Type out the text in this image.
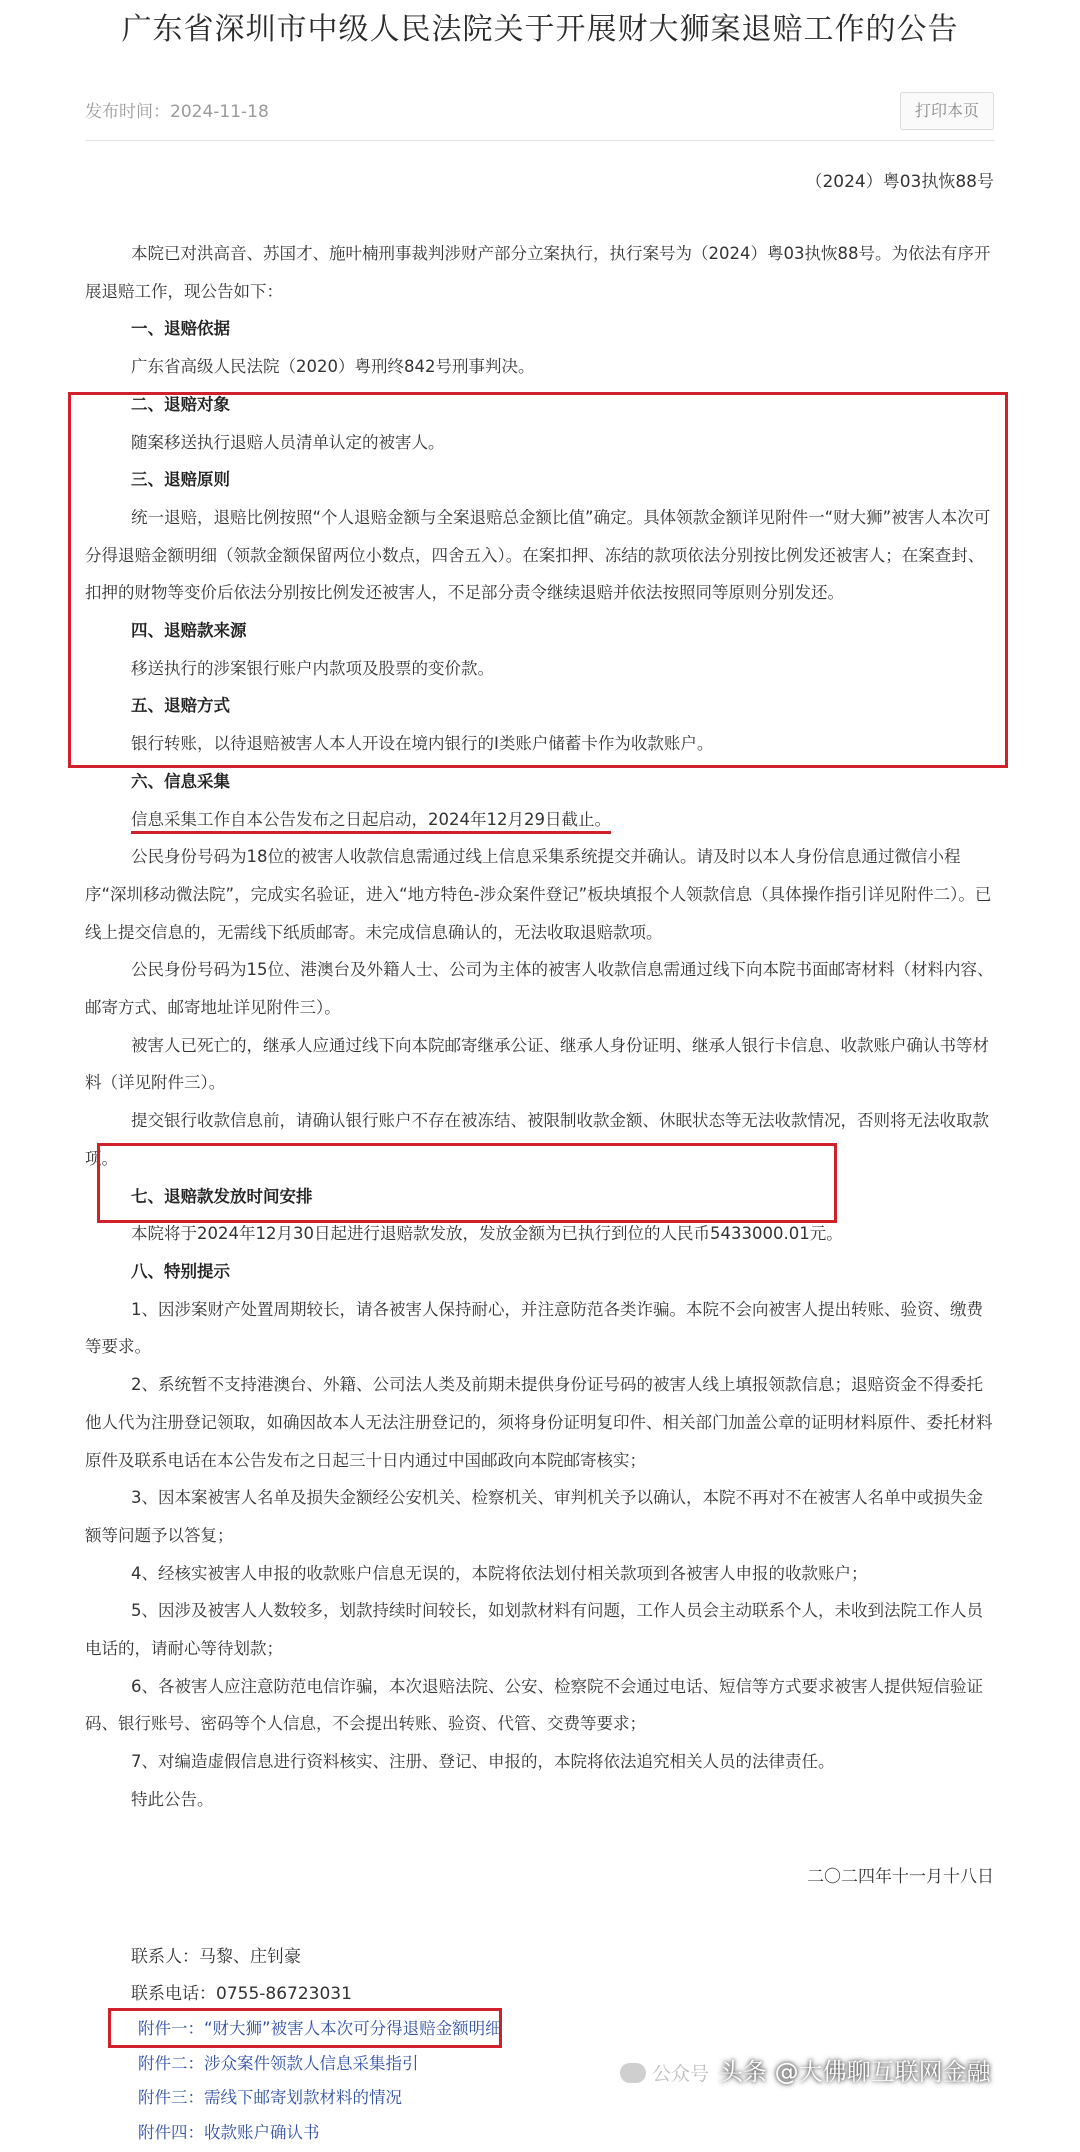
广东省深圳市中级人民法院关于开展财大狮案退赔工作的公告
发布时间：2024-11-18	打印本页
（2024）粤03执恢88号

本院已对洪高音、苏国才、施叶楠刑事裁判涉财产部分立案执行，执行案号为（2024）粤03执恢88号。为依法有序开展退赔工作，现公告如下：

一、退赔依据

广东省高级人民法院（2020）粤刑终842号刑事判决。

二、退赔对象

随案移送执行退赔人员清单认定的被害人。

三、退赔原则

统一退赔，退赔比例按照“个人退赔金额与全案退赔总金额比值”确定。具体领款金额详见附件一“财大狮”被害人本次可分得退赔金额明细（领款金额保留两位小数点，四舍五入）。在案扣押、冻结的款项依法分别按比例发还被害人；在案查封、扣押的财物等变价后依法分别按比例发还被害人，不足部分责令继续退赔并依法按照同等原则分别发还。

四、退赔款来源

移送执行的涉案银行账户内款项及股票的变价款。

五、退赔方式

银行转账，以待退赔被害人本人开设在境内银行的I类账户储蓄卡作为收款账户。

六、信息采集

信息采集工作自本公告发布之日起启动，2024年12月29日截止。

公民身份号码为18位的被害人收款信息需通过线上信息采集系统提交并确认。请及时以本人身份信息通过微信小程序“深圳移动微法院”，完成实名验证，进入“地方特色-涉众案件登记”板块填报个人领款信息（具体操作指引详见附件二）。已线上提交信息的，无需线下纸质邮寄。未完成信息确认的，无法收取退赔款项。

公民身份号码为15位、港澳台及外籍人士、公司为主体的被害人收款信息需通过线下向本院书面邮寄材料（材料内容、邮寄方式、邮寄地址详见附件三）。

被害人已死亡的，继承人应通过线下向本院邮寄继承公证、继承人身份证明、继承人银行卡信息、收款账户确认书等材料（详见附件三）。

提交银行收款信息前，请确认银行账户不存在被冻结、被限制收款金额、休眠状态等无法收款情况，否则将无法收取款项。

七、退赔款发放时间安排

本院将于2024年12月30日起进行退赔款发放，发放金额为已执行到位的人民币5433000.01元。

八、特别提示

1、因涉案财产处置周期较长，请各被害人保持耐心，并注意防范各类诈骗。本院不会向被害人提出转账、验资、缴费等要求。

2、系统暂不支持港澳台、外籍、公司法人类及前期未提供身份证号码的被害人线上填报领款信息；退赔资金不得委托他人代为注册登记领取，如确因故本人无法注册登记的，须将身份证明复印件、相关部门加盖公章的证明材料原件、委托材料原件及联系电话在本公告发布之日起三十日内通过中国邮政向本院邮寄核实；

3、因本案被害人名单及损失金额经公安机关、检察机关、审判机关予以确认，本院不再对不在被害人名单中或损失金额等问题予以答复；

4、经核实被害人申报的收款账户信息无误的，本院将依法划付相关款项到各被害人申报的收款账户；

5、因涉及被害人人数较多，划款持续时间较长，如划款材料有问题，工作人员会主动联系个人，未收到法院工作人员电话的，请耐心等待划款；

6、各被害人应注意防范电信诈骗，本次退赔法院、公安、检察院不会通过电话、短信等方式要求被害人提供短信验证码、银行账号、密码等个人信息，不会提出转账、验资、代管、交费等要求；

7、对编造虚假信息进行资料核实、注册、登记、申报的，本院将依法追究相关人员的法律责任。

特此公告。

二〇二四年十一月十八日
联系人：马黎、庄钊豪
联系电话：0755-86723031
附件一：“财大狮”被害人本次可分得退赔金额明细
附件二：涉众案件领款人信息采集指引
附件三：需线下邮寄划款材料的情况
附件四：收款账户确认书
公众号 头条 @大佛聊互联网金融
